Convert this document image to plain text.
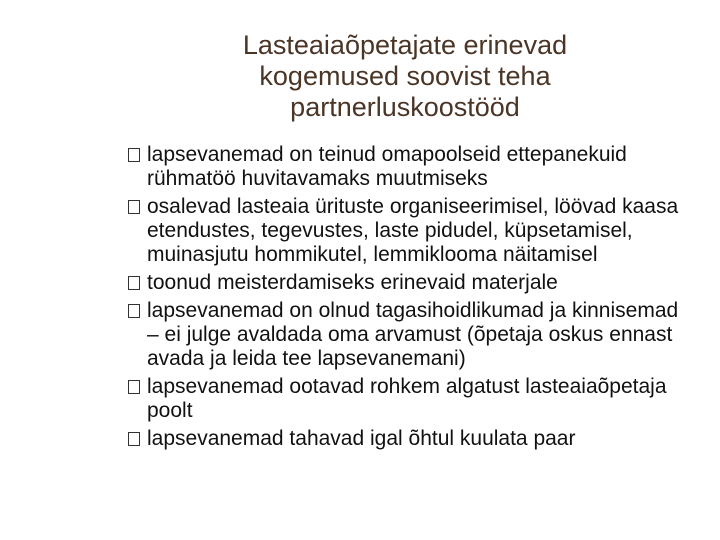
Lasteaiaõpetajate erinevad kogemused soovist teha partnerluskoostööd
lapsevanemad on teinud omapoolseid ettepanekuid rühmatöö huvitavamaks muutmiseks
osalevad lasteaia ürituste organiseerimisel, löövad kaasa etendustes, tegevustes, laste pidudel, küpsetamisel, muinasjutu hommikutel, lemmiklooma näitamisel
toonud meisterdamiseks erinevaid materjale
lapsevanemad on olnud tagasihoidlikumad ja kinnisemad – ei julge avaldada oma arvamust (õpetaja oskus ennast avada ja leida tee lapsevanemani)
lapsevanemad ootavad rohkem algatust lasteaiaõpetaja poolt
lapsevanemad tahavad igal õhtul kuulata paar
